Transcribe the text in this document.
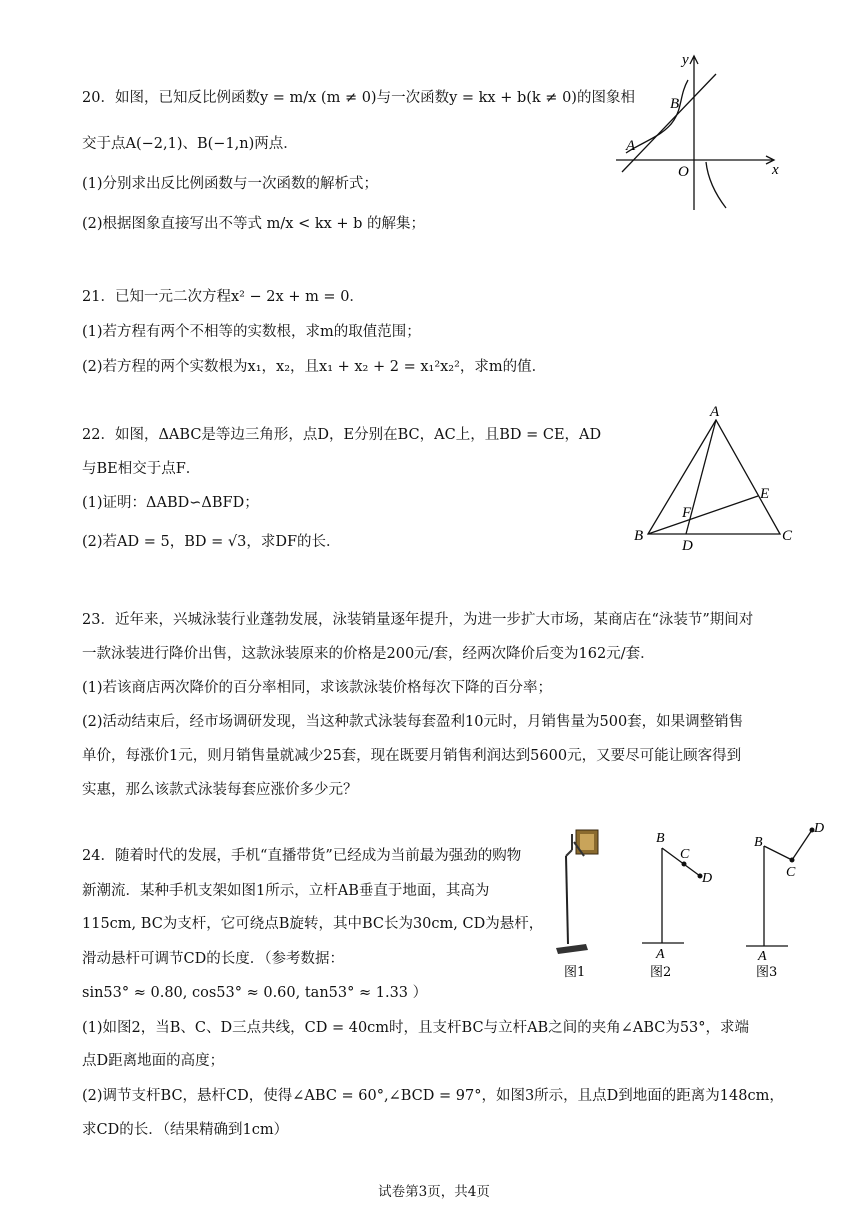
20．如图，已知反比例函数y = m/x (m ≠ 0)与一次函数y = kx + b(k ≠ 0)的图象相
交于点A(−2,1)、B(−1,n)两点．
(1)分别求出反比例函数与一次函数的解析式；
(2)根据图象直接写出不等式 m/x < kx + b 的解集；
y
x
O
A
B
21．已知一元二次方程x² − 2x + m = 0．
(1)若方程有两个不相等的实数根，求m的取值范围；
(2)若方程的两个实数根为x₁，x₂，且x₁ + x₂ + 2 = x₁²x₂²，求m的值．
22．如图，ΔABC是等边三角形，点D，E分别在BC，AC上，且BD = CE，AD
与BE相交于点F．
(1)证明：ΔABD∽ΔBFD；
(2)若AD = 5，BD = √3，求DF的长．
A
B	C
D
E
F
23．近年来，兴城泳装行业蓬勃发展，泳装销量逐年提升，为进一步扩大市场，某商店在“泳装节”期间对
一款泳装进行降价出售，这款泳装原来的价格是200元/套，经两次降价后变为162元/套．
(1)若该商店两次降价的百分率相同，求该款泳装价格每次下降的百分率；
(2)活动结束后，经市场调研发现，当这种款式泳装每套盈利10元时，月销售量为500套，如果调整销售
单价，每涨价1元，则月销售量就减少25套，现在既要月销售利润达到5600元，又要尽可能让顾客得到
实惠，那么该款式泳装每套应涨价多少元？
24．随着时代的发展，手机“直播带货”已经成为当前最为强劲的购物
新潮流．某种手机支架如图1所示，立杆AB垂直于地面，其高为
115cm, BC为支杆，它可绕点B旋转，其中BC长为30cm, CD为悬杆，
滑动悬杆可调节CD的长度．（参考数据：
sin53° ≈ 0.80, cos53° ≈ 0.60, tan53° ≈ 1.33 ）
(1)如图2，当B、C、D三点共线，CD = 40cm时，且支杆BC与立杆AB之间的夹角∠ABC为53°，求端
点D距离地面的高度；
(2)调节支杆BC，悬杆CD，使得∠ABC = 60°,∠BCD = 97°，如图3所示，且点D到地面的距离为148cm，
求CD的长．（结果精确到1cm）
图1
B
C
D
A
图2
B
C
D
A
图3
试卷第3页，共4页
